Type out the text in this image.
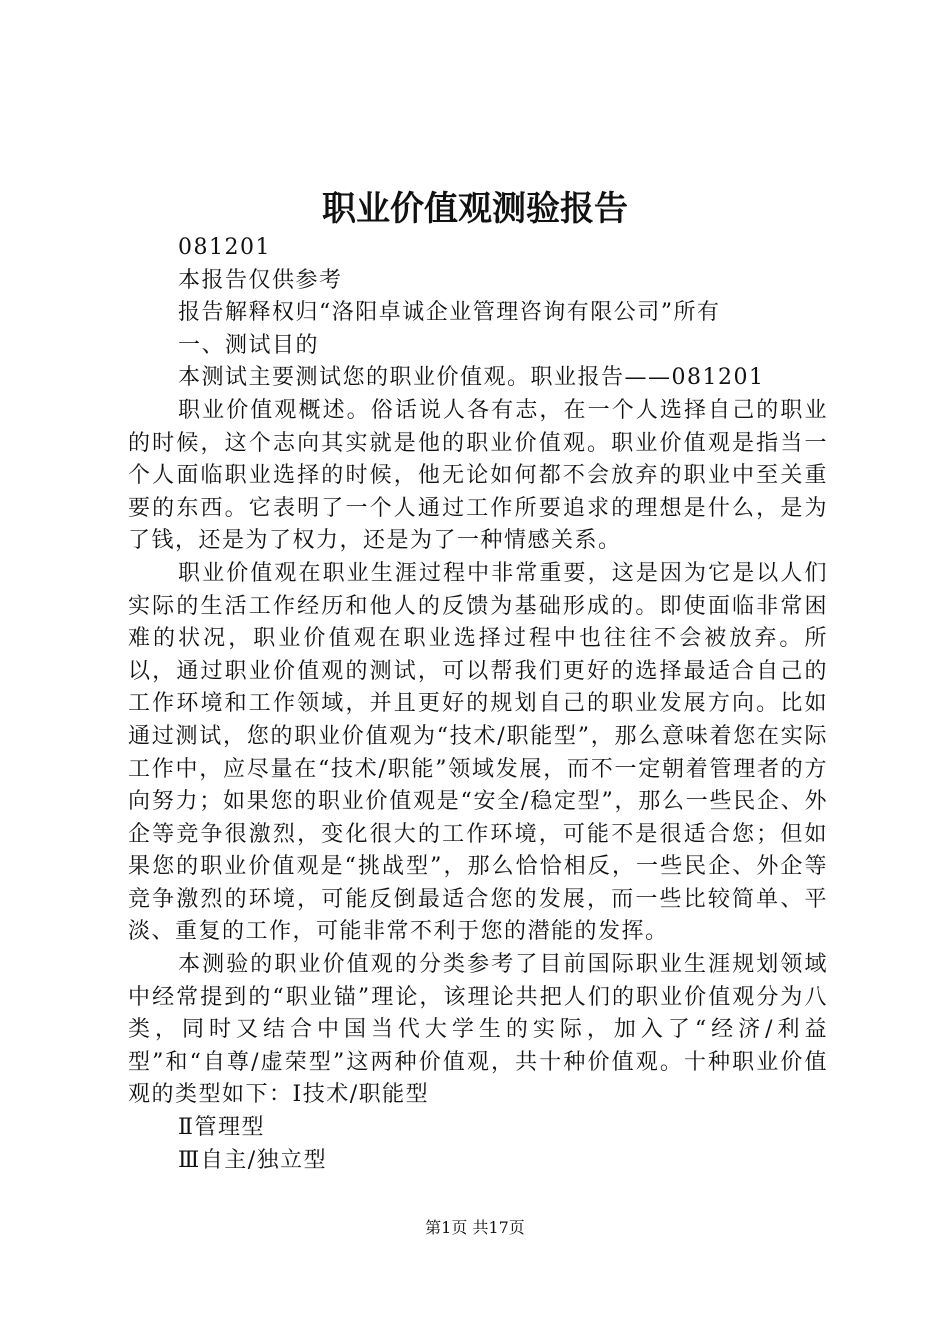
职业价值观测验报告

081201

本报告仅供参考

报告解释权归“洛阳卓诚企业管理咨询有限公司”所有

一、测试目的

本测试主要测试您的职业价值观。职业报告——081201

职业价值观概述。俗话说人各有志，在一个人选择自己的职业的时候，这个志向其实就是他的职业价值观。职业价值观是指当一个人面临职业选择的时候，他无论如何都不会放弃的职业中至关重要的东西。它表明了一个人通过工作所要追求的理想是什么，是为了钱，还是为了权力，还是为了一种情感关系。

职业价值观在职业生涯过程中非常重要，这是因为它是以人们实际的生活工作经历和他人的反馈为基础形成的。即使面临非常困难的状况，职业价值观在职业选择过程中也往往不会被放弃。所以，通过职业价值观的测试，可以帮我们更好的选择最适合自己的工作环境和工作领域，并且更好的规划自己的职业发展方向。比如通过测试，您的职业价值观为“技术/职能型”，那么意味着您在实际工作中，应尽量在“技术/职能”领域发展，而不一定朝着管理者的方向努力；如果您的职业价值观是“安全/稳定型”，那么一些民企、外企等竞争很激烈，变化很大的工作环境，可能不是很适合您；但如果您的职业价值观是“挑战型”，那么恰恰相反，一些民企、外企等竞争激烈的环境，可能反倒最适合您的发展，而一些比较简单、平淡、重复的工作，可能非常不利于您的潜能的发挥。

本测验的职业价值观的分类参考了目前国际职业生涯规划领域中经常提到的“职业锚”理论，该理论共把人们的职业价值观分为八类，同时又结合中国当代大学生的实际，加入了“经济/利益型”和“自尊/虚荣型”这两种价值观，共十种价值观。十种职业价值观的类型如下：Ⅰ技术/职能型

Ⅱ管理型

Ⅲ自主/独立型

第1页 共17页
